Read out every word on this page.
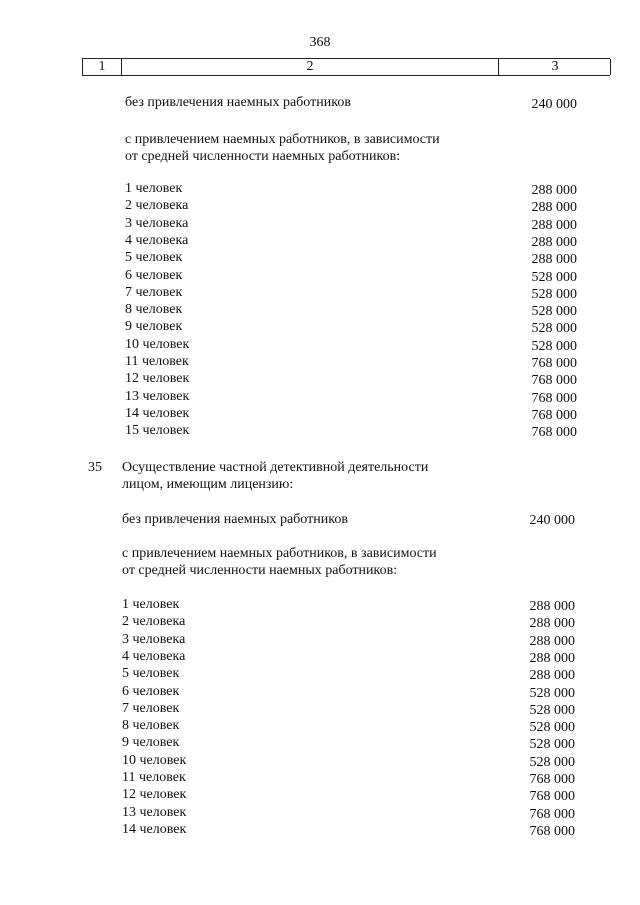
368
1	2	3
без привлечения наемных работников	240 000
с привлечением наемных работников, в зависимости
от средней численности наемных работников:
1 человек	288 000
2 человека	288 000
3 человека	288 000
4 человека	288 000
5 человек	288 000
6 человек	528 000
7 человек	528 000
8 человек	528 000
9 человек	528 000
10 человек	528 000
11 человек	768 000
12 человек	768 000
13 человек	768 000
14 человек	768 000
15 человек	768 000
35 Осуществление частной детективной деятельности
лицом, имеющим лицензию:
без привлечения наемных работников	240 000
с привлечением наемных работников, в зависимости
от средней численности наемных работников:
1 человек	288 000
2 человека	288 000
3 человека	288 000
4 человека	288 000
5 человек	288 000
6 человек	528 000
7 человек	528 000
8 человек	528 000
9 человек	528 000
10 человек	528 000
11 человек	768 000
12 человек	768 000
13 человек	768 000
14 человек	768 000
